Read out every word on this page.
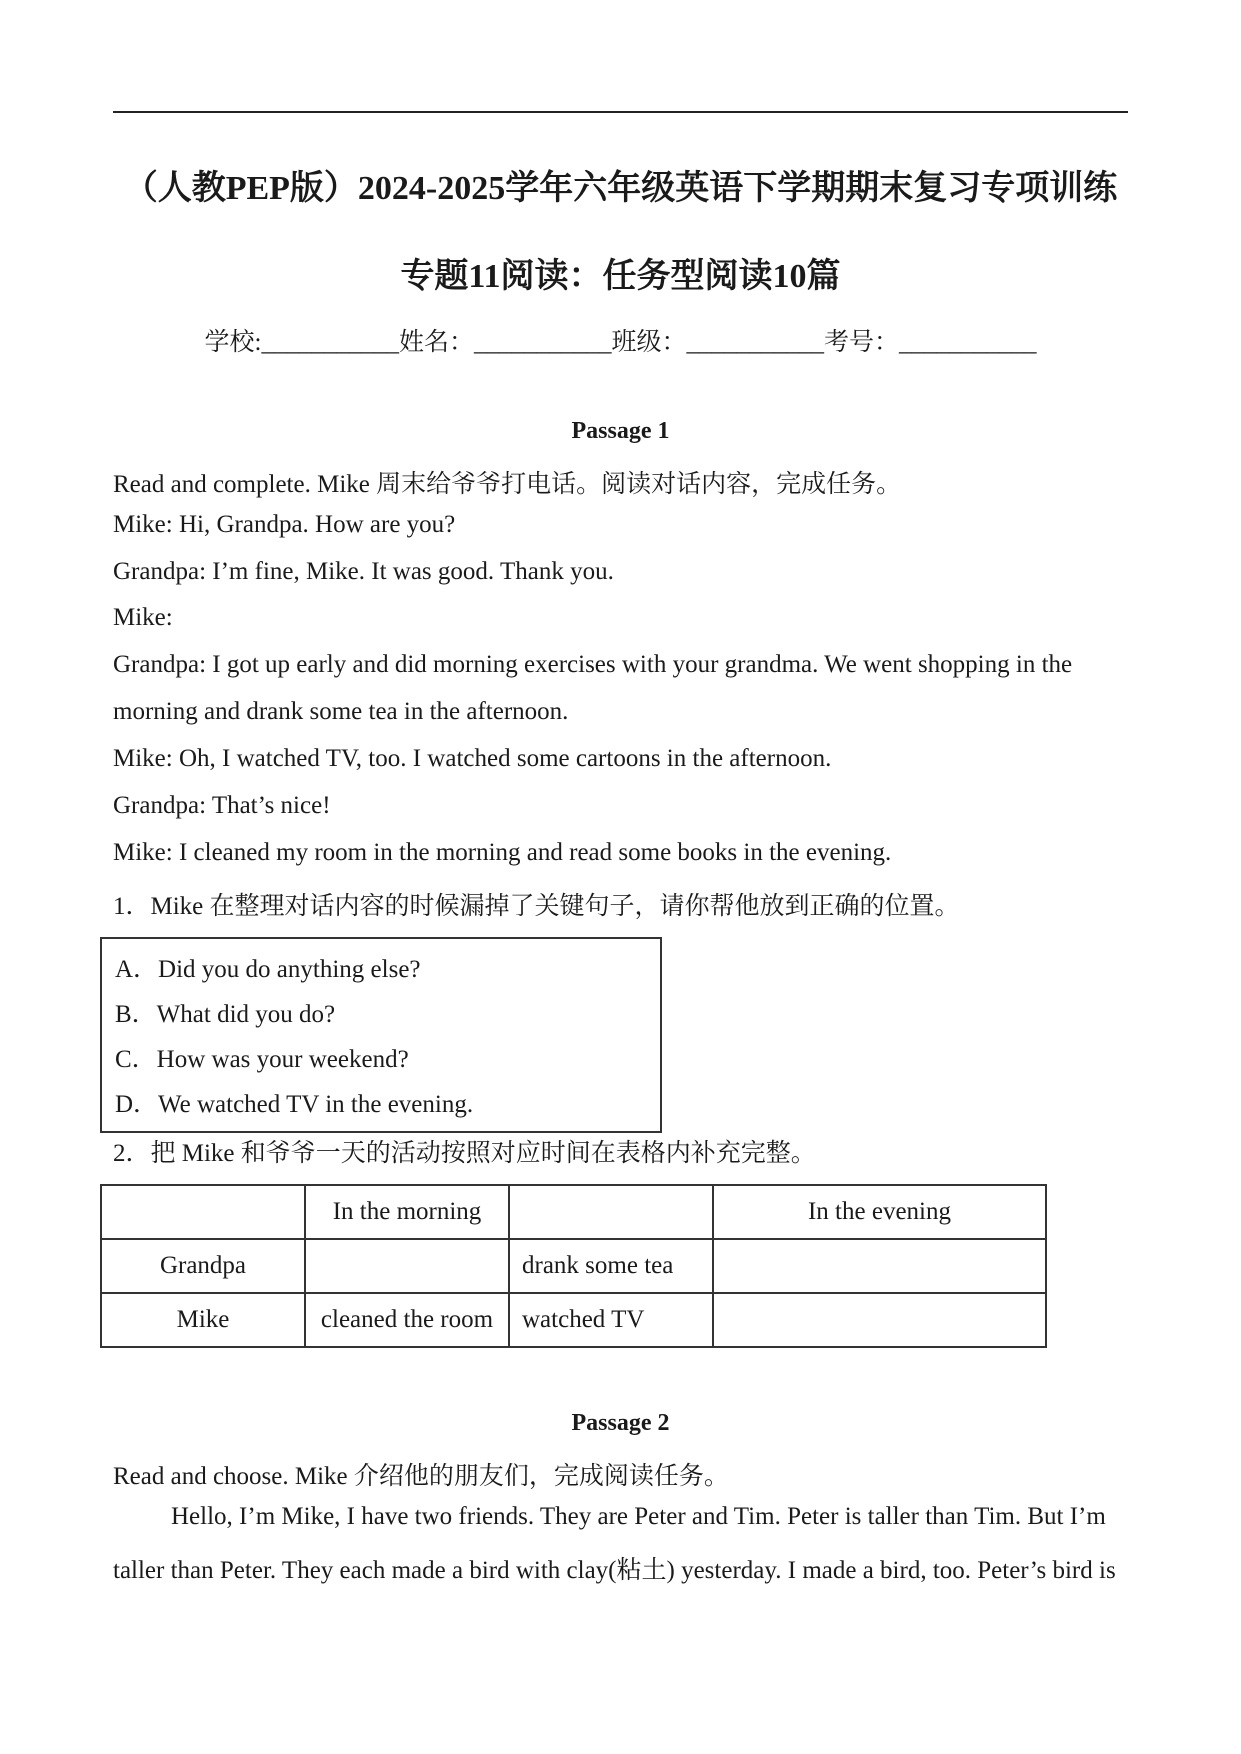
（人教PEP版）2024-2025学年六年级英语下学期期末复习专项训练
专题11阅读：任务型阅读10篇
学校:___________姓名：___________班级：___________考号：___________
Passage 1
Read and complete. Mike 周末给爷爷打电话。阅读对话内容，完成任务。
Mike: Hi, Grandpa. How are you?
Grandpa: I’m fine, Mike. It was good. Thank you.
Mike:
Grandpa: I got up early and did morning exercises with your grandma. We went shopping in the
morning and drank some tea in the afternoon.
Mike: Oh, I watched TV, too. I watched some cartoons in the afternoon.
Grandpa: That’s nice!
Mike: I cleaned my room in the morning and read some books in the evening.
1．Mike 在整理对话内容的时候漏掉了关键句子，请你帮他放到正确的位置。
A．Did you do anything else?
B．What did you do?
C．How was your weekend?
D．We watched TV in the evening.
2．把 Mike 和爷爷一天的活动按照对应时间在表格内补充完整。
	In the morning		In the evening
Grandpa		drank some tea	
Mike	cleaned the room	watched TV	
Passage 2
Read and choose. Mike 介绍他的朋友们，完成阅读任务。
Hello, I’m Mike, I have two friends. They are Peter and Tim. Peter is taller than Tim. But I’m
taller than Peter. They each made a bird with clay(粘土) yesterday. I made a bird, too. Peter’s bird is
